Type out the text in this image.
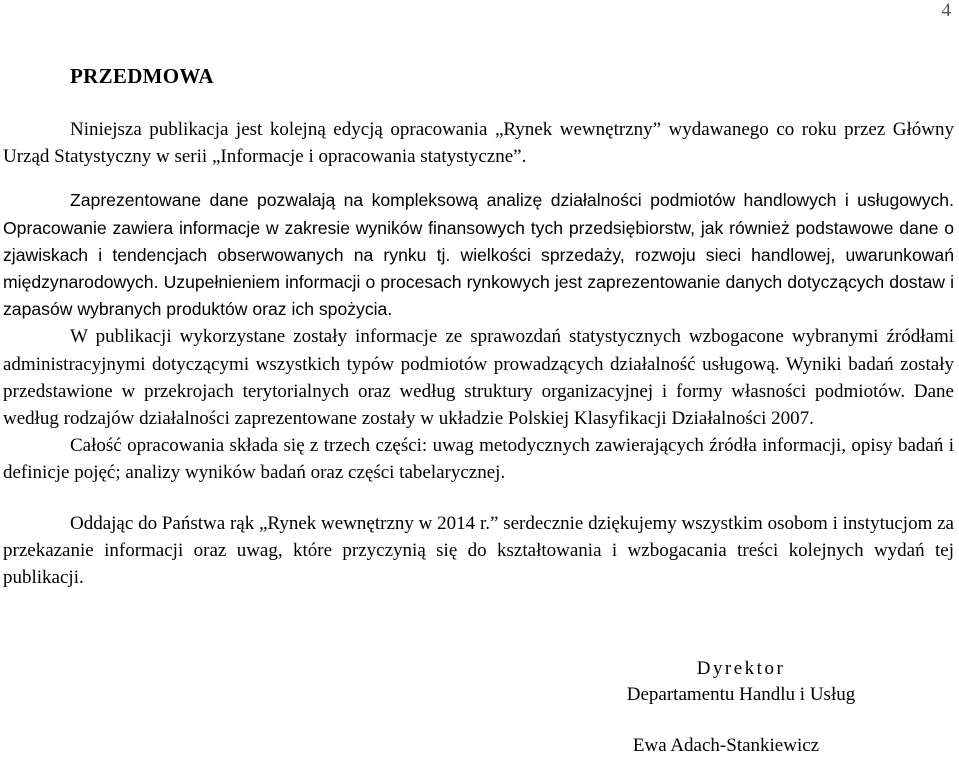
4
PRZEDMOWA

Niniejsza publikacja jest kolejną edycją opracowania „Rynek wewnętrzny” wydawanego co roku przez Główny Urząd Statystyczny w serii „Informacje i opracowania statystyczne”.

Zaprezentowane dane pozwalają na kompleksową analizę działalności podmiotów handlowych i usługowych. Opracowanie zawiera informacje w zakresie wyników finansowych tych przedsiębiorstw, jak również podstawowe dane o zjawiskach i tendencjach obserwowanych na rynku tj. wielkości sprzedaży, rozwoju sieci handlowej, uwarunkowań międzynarodowych. Uzupełnieniem informacji o procesach rynkowych jest zaprezentowanie danych dotyczących dostaw i zapasów wybranych produktów oraz ich spożycia.

W publikacji wykorzystane zostały informacje ze sprawozdań statystycznych wzbogacone wybranymi źródłami administracyjnymi dotyczącymi wszystkich typów podmiotów prowadzących działalność usługową. Wyniki badań zostały przedstawione w przekrojach terytorialnych oraz według struktury organizacyjnej i formy własności podmiotów. Dane według rodzajów działalności zaprezentowane zostały w układzie Polskiej Klasyfikacji Działalności 2007.

Całość opracowania składa się z trzech części: uwag metodycznych zawierających źródła informacji, opisy badań i definicje pojęć; analizy wyników badań oraz części tabelarycznej.

Oddając do Państwa rąk „Rynek wewnętrzny w 2014 r.” serdecznie dziękujemy wszystkim osobom i instytucjom za przekazanie informacji oraz uwag, które przyczynią się do kształtowania i wzbogacania treści kolejnych wydań tej publikacji.

Dyrektor
Departamentu Handlu i Usług
Ewa Adach-Stankiewicz
